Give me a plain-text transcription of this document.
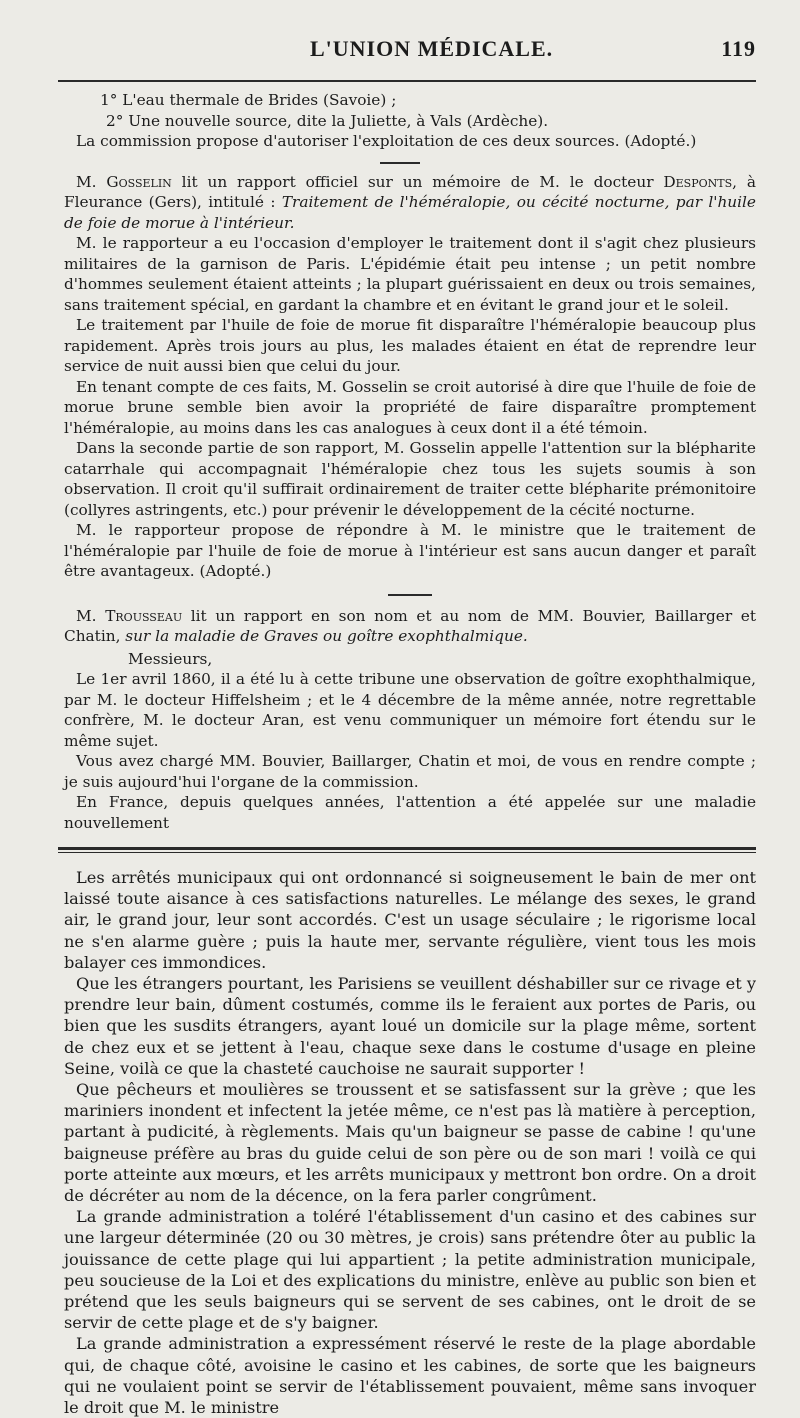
L'UNION MÉDICALE.	119

1° L'eau thermale de Brides (Savoie) ;

2° Une nouvelle source, dite la Juliette, à Vals (Ardèche).

La commission propose d'autoriser l'exploitation de ces deux sources. (Adopté.)

M. Gosselin lit un rapport officiel sur un mémoire de M. le docteur Desponts, à Fleurance (Gers), intitulé : Traitement de l'héméralopie, ou cécité nocturne, par l'huile de foie de morue à l'intérieur.

M. le rapporteur a eu l'occasion d'employer le traitement dont il s'agit chez plusieurs militaires de la garnison de Paris. L'épidémie était peu intense ; un petit nombre d'hommes seulement étaient atteints ; la plupart guérissaient en deux ou trois semaines, sans traitement spécial, en gardant la chambre et en évitant le grand jour et le soleil.

Le traitement par l'huile de foie de morue fit disparaître l'héméralopie beaucoup plus rapidement. Après trois jours au plus, les malades étaient en état de reprendre leur service de nuit aussi bien que celui du jour.

En tenant compte de ces faits, M. Gosselin se croit autorisé à dire que l'huile de foie de morue brune semble bien avoir la propriété de faire disparaître promptement l'héméralopie, au moins dans les cas analogues à ceux dont il a été témoin.

Dans la seconde partie de son rapport, M. Gosselin appelle l'attention sur la blépharite catarrhale qui accompagnait l'héméralopie chez tous les sujets soumis à son observation. Il croit qu'il suffirait ordinairement de traiter cette blépharite prémonitoire (collyres astringents, etc.) pour prévenir le développement de la cécité nocturne.

M. le rapporteur propose de répondre à M. le ministre que le traitement de l'héméralopie par l'huile de foie de morue à l'intérieur est sans aucun danger et paraît être avantageux. (Adopté.)

M. Trousseau lit un rapport en son nom et au nom de MM. Bouvier, Baillarger et Chatin, sur la maladie de Graves ou goître exophthalmique.

Messieurs,

Le 1er avril 1860, il a été lu à cette tribune une observation de goître exophthalmique, par M. le docteur Hiffelsheim ; et le 4 décembre de la même année, notre regrettable confrère, M. le docteur Aran, est venu communiquer un mémoire fort étendu sur le même sujet.

Vous avez chargé MM. Bouvier, Baillarger, Chatin et moi, de vous en rendre compte ; je suis aujourd'hui l'organe de la commission.

En France, depuis quelques années, l'attention a été appelée sur une maladie nouvellement

Les arrêtés municipaux qui ont ordonnancé si soigneusement le bain de mer ont laissé toute aisance à ces satisfactions naturelles. Le mélange des sexes, le grand air, le grand jour, leur sont accordés. C'est un usage séculaire ; le rigorisme local ne s'en alarme guère ; puis la haute mer, servante régulière, vient tous les mois balayer ces immondices.

Que les étrangers pourtant, les Parisiens se veuillent déshabiller sur ce rivage et y prendre leur bain, dûment costumés, comme ils le feraient aux portes de Paris, ou bien que les susdits étrangers, ayant loué un domicile sur la plage même, sortent de chez eux et se jettent à l'eau, chaque sexe dans le costume d'usage en pleine Seine, voilà ce que la chasteté cauchoise ne saurait supporter !

Que pêcheurs et moulières se troussent et se satisfassent sur la grève ; que les mariniers inondent et infectent la jetée même, ce n'est pas là matière à perception, partant à pudicité, à règlements. Mais qu'un baigneur se passe de cabine ! qu'une baigneuse préfère au bras du guide celui de son père ou de son mari ! voilà ce qui porte atteinte aux mœurs, et les arrêts municipaux y mettront bon ordre. On a droit de décréter au nom de la décence, on la fera parler congrûment.

La grande administration a toléré l'établissement d'un casino et des cabines sur une largeur déterminée (20 ou 30 mètres, je crois) sans prétendre ôter au public la jouissance de cette plage qui lui appartient ; la petite administration municipale, peu soucieuse de la Loi et des explications du ministre, enlève au public son bien et prétend que les seuls baigneurs qui se servent de ses cabines, ont le droit de se servir de cette plage et de s'y baigner.

La grande administration a expressément réservé le reste de la plage abordable qui, de chaque côté, avoisine le casino et les cabines, de sorte que les baigneurs qui ne voulaient point se servir de l'établissement pouvaient, même sans invoquer le droit que M. le ministre
